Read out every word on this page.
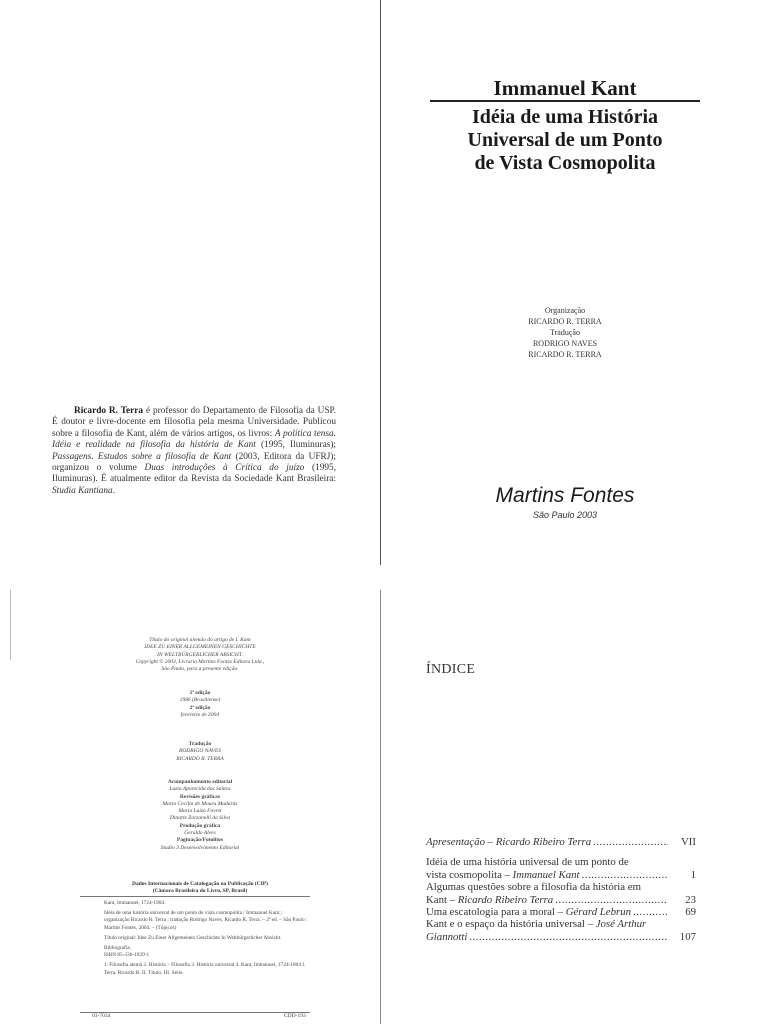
Immanuel Kant
Idéia de uma História
Universal de um Ponto
de Vista Cosmopolita
Organização
RICARDO R. TERRA
Tradução
RODRIGO NAVES
RICARDO R. TERRA
Martins Fontes
São Paulo 2003
Ricardo R. Terra é professor do Departamento de Filosofia da USP. É doutor e livre-docente em filosofia pela mesma Universidade. Publicou sobre a filosofia de Kant, além de vários artigos, os livros: A política tensa. Idéia e realidade na filosofia da história de Kant (1995, Iluminuras); Passagens. Estudos sobre a filosofia de Kant (2003, Editora da UFRJ); organizou o volume Duas introduções à Crítica do juízo (1995, Iluminuras). É atualmente editor da Revista da Sociedade Kant Brasileira: Studia Kantiana.
Título do original alemão do artigo de I. Kant
IDEE ZU EINER ALLGEMEINEN GESCHICHTE
IN WELTBÜRGERLICHER ABSICHT.
Copyright © 2003, Livraria Martins Fontes Editora Ltda.,
São Paulo, para a presente edição.
1ª edição
1986 (Brasiliense)
2ª edição
fevereiro de 2004
Tradução
RODRIGO NAVES
RICARDO R. TERRA
Acompanhamento editorial
Luzia Aparecida dos Santos
Revisões gráficas
Maria Cecília de Moura Madarás
Maria Luiza Favret
Dinarte Zorzanelli da Silva
Produção gráfica
Geraldo Alves
Paginação/Fotolitos
Studio 3 Desenvolvimento Editorial
Dados Internacionais de Catalogação na Publicação (CIP)
(Câmara Brasileira do Livro, SP, Brasil)

Kant, Immanuel, 1724-1804.

Idéia de uma história universal de um ponto de vista cosmopolita / Immanuel Kant ; organização Ricardo R. Terra ; tradução Rodrigo Naves, Ricardo R. Terra. – 2ª ed. – São Paulo : Martins Fontes, 2004. – (Tópicos)

Título original: Idee Zu Einer Allgemeinen Geschichte In Weltbürgerlicher Absicht.

Bibliografia.

ISBN 85-336-1939-1

1. Filosofia alemã 2. História – Filosofia 3. História universal 4. Kant, Immanuel, 1724-1804 I. Terra, Ricardo R. II. Título. III. Série.

03-7034	CDD-193
ÍNDICE
Apresentação – Ricardo Ribeiro Terra .....	VII
Idéia de uma história universal de um ponto de
vista cosmopolita – Immanuel Kant .....	1
Algumas questões sobre a filosofia da história em
Kant – Ricardo Ribeiro Terra .....	23
Uma escatologia para a moral – Gérard Lebrun .....	69
Kant e o espaço da história universal – José Arthur
Giannotti .....	107
